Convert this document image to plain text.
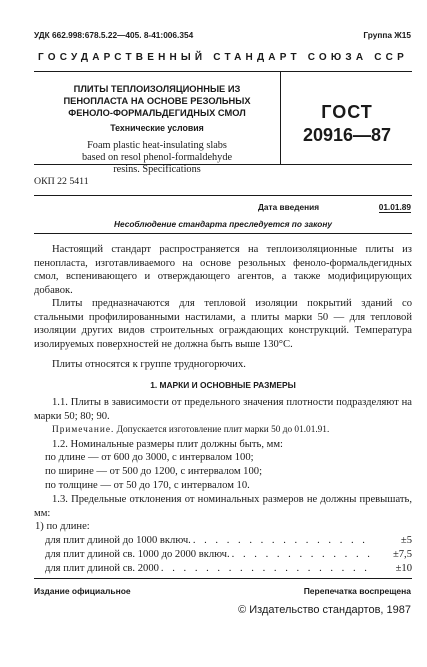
УДК 662.998:678.5.22—405. 8-41:006.354	Группа Ж15
ГОСУДАРСТВЕННЫЙ СТАНДАРТ СОЮЗА ССР
ПЛИТЫ ТЕПЛОИЗОЛЯЦИОННЫЕ ИЗ
ПЕНОПЛАСТА НА ОСНОВЕ РЕЗОЛЬНЫХ
ФЕНОЛО-ФОРМАЛЬДЕГИДНЫХ СМОЛ
Технические условия
Foam plastic heat-insulating slabs
based on resol phenol-formaldehyde
resins. Specifications
ГОСТ
20916—87
ОКП 22 5411
Дата введения	01.01.89
Несоблюдение стандарта преследуется по закону
Настоящий стандарт распространяется на теплоизоляционные плиты из пенопласта, изготавливаемого на основе резольных феноло-формальдегидных смол, вспенивающего и отверждающего агентов, а также модифицирующих добавок.
Плиты предназначаются для тепловой изоляции покрытий зданий со стальными профилированными настилами, а плиты марки 50 — для тепловой изоляции других видов строительных ограждающих конструкций. Температура изолируемых поверхностей не должна быть выше 130°С.
Плиты относятся к группе трудногорючих.
1. МАРКИ И ОСНОВНЫЕ РАЗМЕРЫ
1.1. Плиты в зависимости от предельного значения плотности подразделяют на марки 50; 80; 90.
Примечание. Допускается изготовление плит марки 50 до 01.01.91.
1.2. Номинальные размеры плит должны быть, мм:
по длине — от 600 до 3000, с интервалом 100;
по ширине — от 500 до 1200, с интервалом 100;
по толщине — от 50 до 170, с интервалом 10.
1.3. Предельные отклонения от номинальных размеров не должны превышать, мм:
1) по длине:
для плит длиной до 1000 включ. . . .	±5
для плит длиной св. 1000 до 2000 включ. . . .	±7,5
для плит длиной св. 2000 . . .	±10
Издание официальное	Перепечатка воспрещена
© Издательство стандартов, 1987
